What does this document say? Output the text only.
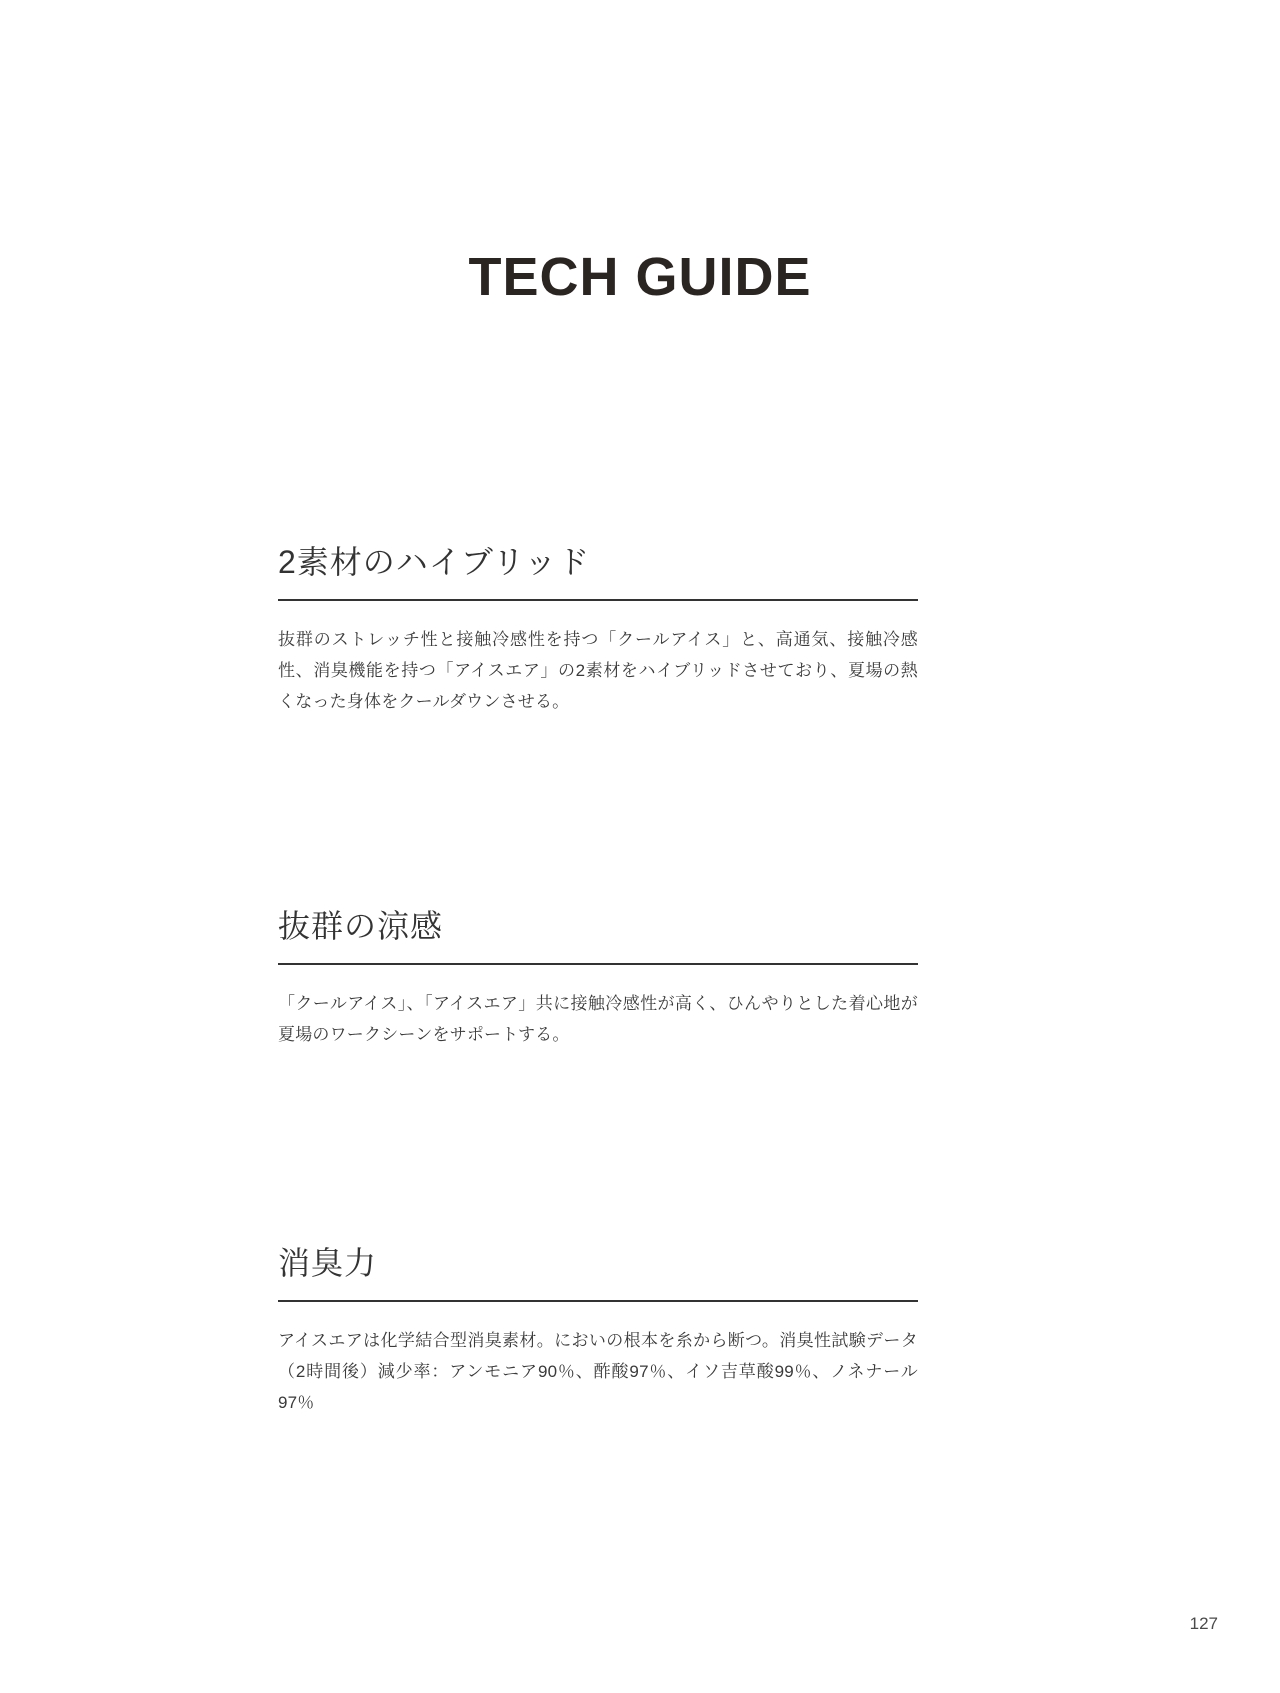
TECH GUIDE
2素材のハイブリッド

抜群のストレッチ性と接触冷感性を持つ「クールアイス」と、高通気、接触冷感性、消臭機能を持つ「アイスエア」の2素材をハイブリッドさせており、夏場の熱くなった身体をクールダウンさせる。

抜群の涼感

「クールアイス」、「アイスエア」共に接触冷感性が高く、ひんやりとした着心地が夏場のワークシーンをサポートする。

消臭力

アイスエアは化学結合型消臭素材。においの根本を糸から断つ。消臭性試験データ（2時間後）減少率：アンモニア90％、酢酸97％、イソ吉草酸99％、ノネナール97％

127
